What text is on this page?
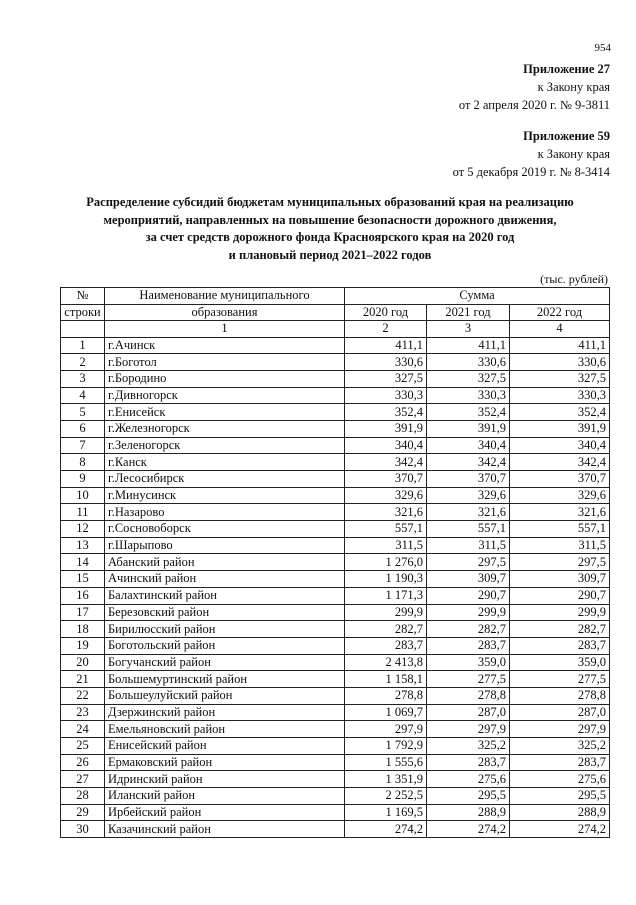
954
Приложение 27
к Закону края
от 2 апреля 2020 г. № 9-3811
Приложение 59
к Закону края
от 5 декабря 2019 г. № 8-3414
Распределение субсидий бюджетам муниципальных образований края на реализацию
мероприятий, направленных на повышение безопасности дорожного движения,
за счет средств дорожного фонда Красноярского края на 2020 год
и плановый период 2021–2022 годов
(тыс. рублей)
№	Наименование муниципального	Сумма		
строки	образования	2020 год	2021 год	2022 год
	1	2	3	4
1	г.Ачинск	411,1	411,1	411,1
2	г.Боготол	330,6	330,6	330,6
3	г.Бородино	327,5	327,5	327,5
4	г.Дивногорск	330,3	330,3	330,3
5	г.Енисейск	352,4	352,4	352,4
6	г.Железногорск	391,9	391,9	391,9
7	г.Зеленогорск	340,4	340,4	340,4
8	г.Канск	342,4	342,4	342,4
9	г.Лесосибирск	370,7	370,7	370,7
10	г.Минусинск	329,6	329,6	329,6
11	г.Назарово	321,6	321,6	321,6
12	г.Сосновоборск	557,1	557,1	557,1
13	г.Шарыпово	311,5	311,5	311,5
14	Абанский район	1 276,0	297,5	297,5
15	Ачинский район	1 190,3	309,7	309,7
16	Балахтинский район	1 171,3	290,7	290,7
17	Березовский район	299,9	299,9	299,9
18	Бирилюсский район	282,7	282,7	282,7
19	Боготольский район	283,7	283,7	283,7
20	Богучанский район	2 413,8	359,0	359,0
21	Большемуртинский район	1 158,1	277,5	277,5
22	Большеулуйский район	278,8	278,8	278,8
23	Дзержинский район	1 069,7	287,0	287,0
24	Емельяновский район	297,9	297,9	297,9
25	Енисейский район	1 792,9	325,2	325,2
26	Ермаковский район	1 555,6	283,7	283,7
27	Идринский район	1 351,9	275,6	275,6
28	Иланский район	2 252,5	295,5	295,5
29	Ирбейский район	1 169,5	288,9	288,9
30	Казачинский район	274,2	274,2	274,2
